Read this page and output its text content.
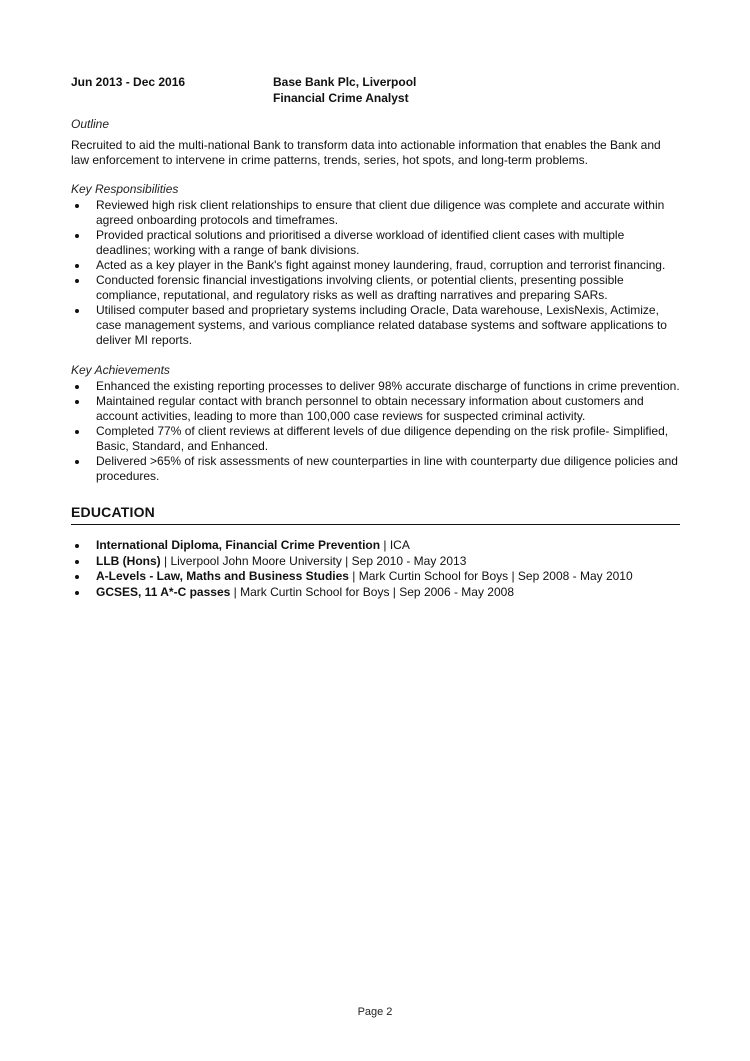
Jun 2013 - Dec 2016	Base Bank Plc, Liverpool
Financial Crime Analyst
Outline

Recruited to aid the multi-national Bank to transform data into actionable information that enables the Bank and law enforcement to intervene in crime patterns, trends, series, hot spots, and long-term problems.

Key Responsibilities
Reviewed high risk client relationships to ensure that client due diligence was complete and accurate within agreed onboarding protocols and timeframes.
Provided practical solutions and prioritised a diverse workload of identified client cases with multiple deadlines; working with a range of bank divisions.
Acted as a key player in the Bank's fight against money laundering, fraud, corruption and terrorist financing.
Conducted forensic financial investigations involving clients, or potential clients, presenting possible compliance, reputational, and regulatory risks as well as drafting narratives and preparing SARs.
Utilised computer based and proprietary systems including Oracle, Data warehouse, LexisNexis, Actimize, case management systems, and various compliance related database systems and software applications to deliver MI reports.
Key Achievements
Enhanced the existing reporting processes to deliver 98% accurate discharge of functions in crime prevention.
Maintained regular contact with branch personnel to obtain necessary information about customers and account activities, leading to more than 100,000 case reviews for suspected criminal activity.
Completed 77% of client reviews at different levels of due diligence depending on the risk profile- Simplified, Basic, Standard, and Enhanced.
Delivered >65% of risk assessments of new counterparties in line with counterparty due diligence policies and procedures.
EDUCATION
International Diploma, Financial Crime Prevention | ICA
LLB (Hons) | Liverpool John Moore University | Sep 2010 - May 2013
A-Levels - Law, Maths and Business Studies | Mark Curtin School for Boys | Sep 2008 - May 2010
GCSES, 11 A*-C passes | Mark Curtin School for Boys | Sep 2006 - May 2008
Page 2
